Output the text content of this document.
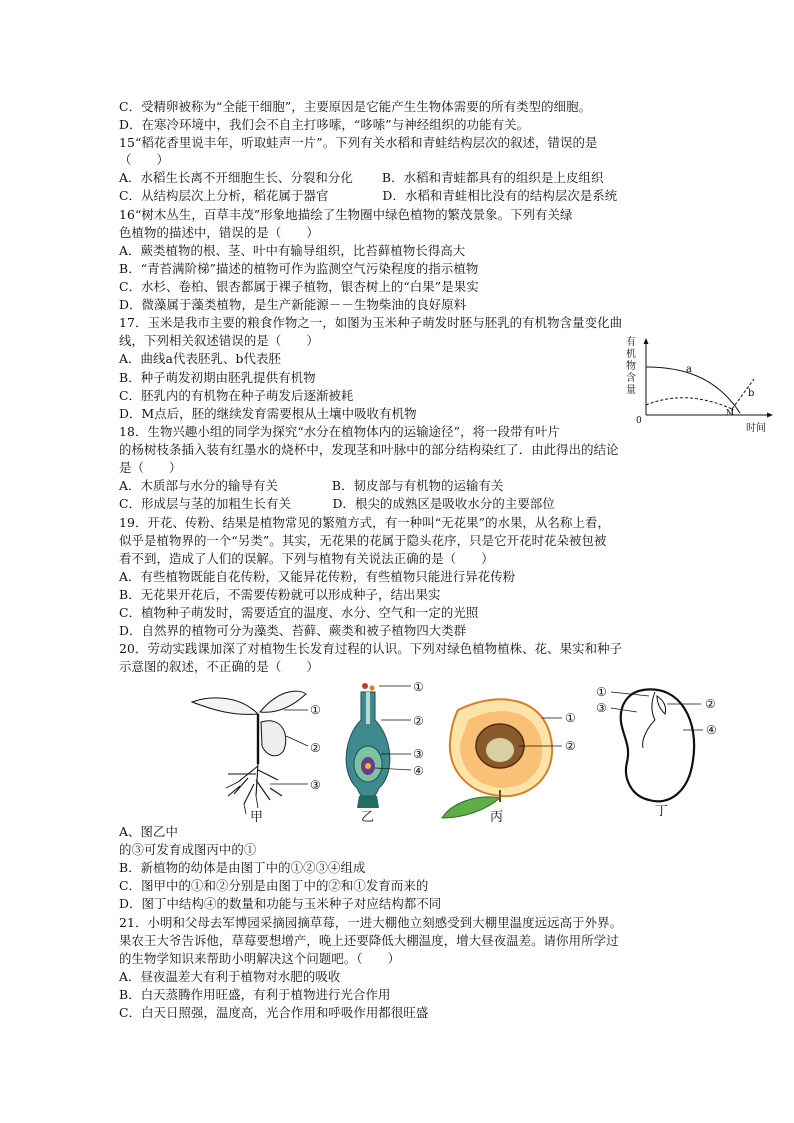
C．受精卵被称为“全能干细胞”，主要原因是它能产生生物体需要的所有类型的细胞。
D．在寒冷环境中，我们会不自主打哆嗦，“哆嗦”与神经组织的功能有关。
15“稻花香里说丰年，听取蛙声一片”。下列有关水稻和青蛙结构层次的叙述，错误的是
（　　）
A．水稻生长离不开细胞生长、分裂和分化　　 B．水稻和青蛙都具有的组织是上皮组织
C．从结构层次上分析，稻花属于器官　　　　 D．水稻和青蛙相比没有的结构层次是系统
16“树木丛生，百草丰茂”形象地描绘了生物圈中绿色植物的繁茂景象。下列有关绿
色植物的描述中，错误的是（　　）
A．蕨类植物的根、茎、叶中有输导组织，比苔藓植物长得高大
B．“青苔满阶梯”描述的植物可作为监测空气污染程度的指示植物
C．水杉、卷柏、银杏都属于裸子植物，银杏树上的“白果”是果实
D．微藻属于藻类植物，是生产新能源－－生物柴油的良好原料
17．玉米是我市主要的粮食作物之一，如图为玉米种子萌发时胚与胚乳的有机物含量变化曲
线，下列相关叙述错误的是（　　）
A．曲线a代表胚乳、b代表胚
B．种子萌发初期由胚乳提供有机物
C．胚乳内的有机物在种子萌发后逐渐被耗
D．M点后，胚的继续发育需要根从土壤中吸收有机物
18．生物兴趣小组的同学为探究“水分在植物体内的运输途径”，将一段带有叶片
的杨树枝条插入装有红墨水的烧杯中，发现茎和叶脉中的部分结构染红了．由此得出的结论
是（　　）
A．木质部与水分的输导有关　　　　 B．韧皮部与有机物的运输有关
C．形成层与茎的加粗生长有关　　　 D．根尖的成熟区是吸收水分的主要部位
19．开花、传粉、结果是植物常见的繁殖方式，有一种叫“无花果”的水果，从名称上看，
似乎是植物界的一个“另类”。其实，无花果的花属于隐头花序，只是它开花时花朵被包被
看不到，造成了人们的误解。下列与植物有关说法正确的是（　　）
A．有些植物既能自花传粉，又能异花传粉，有些植物只能进行异花传粉
B．无花果开花后，不需要传粉就可以形成种子，结出果实
C．植物种子萌发时，需要适宜的温度、水分、空气和一定的光照
D．自然界的植物可分为藻类、苔藓、蕨类和被子植物四大类群
20．劳动实践课加深了对植物生长发育过程的认识。下列对绿色植物植株、花、果实和种子
示意图的叙述，不正确的是（　　）
A、图乙中
的③可发育成图丙中的①
B．新植物的幼体是由图丁中的①②③④组成
C．图甲中的①和②分别是由图丁中的②和①发育而来的
D．图丁中结构④的数量和功能与玉米种子对应结构都不同
21．小明和父母去军博园采摘园摘草莓，一进大棚他立刻感受到大棚里温度远远高于外界。
果农王大爷告诉他，草莓要想增产，晚上还要降低大棚温度，增大昼夜温差。请你用所学过
的生物学知识来帮助小明解决这个问题吧。（　　）
A．昼夜温差大有利于植物对水肥的吸收
B．白天蒸腾作用旺盛，有利于植物进行光合作用
C．白天日照强，温度高，光合作用和呼吸作用都很旺盛
有
机
物
含
量
0
时间
a
b
M
①
②
③
甲
①
②
③
④
乙
①
②
丙
①
③	②
④
丁
